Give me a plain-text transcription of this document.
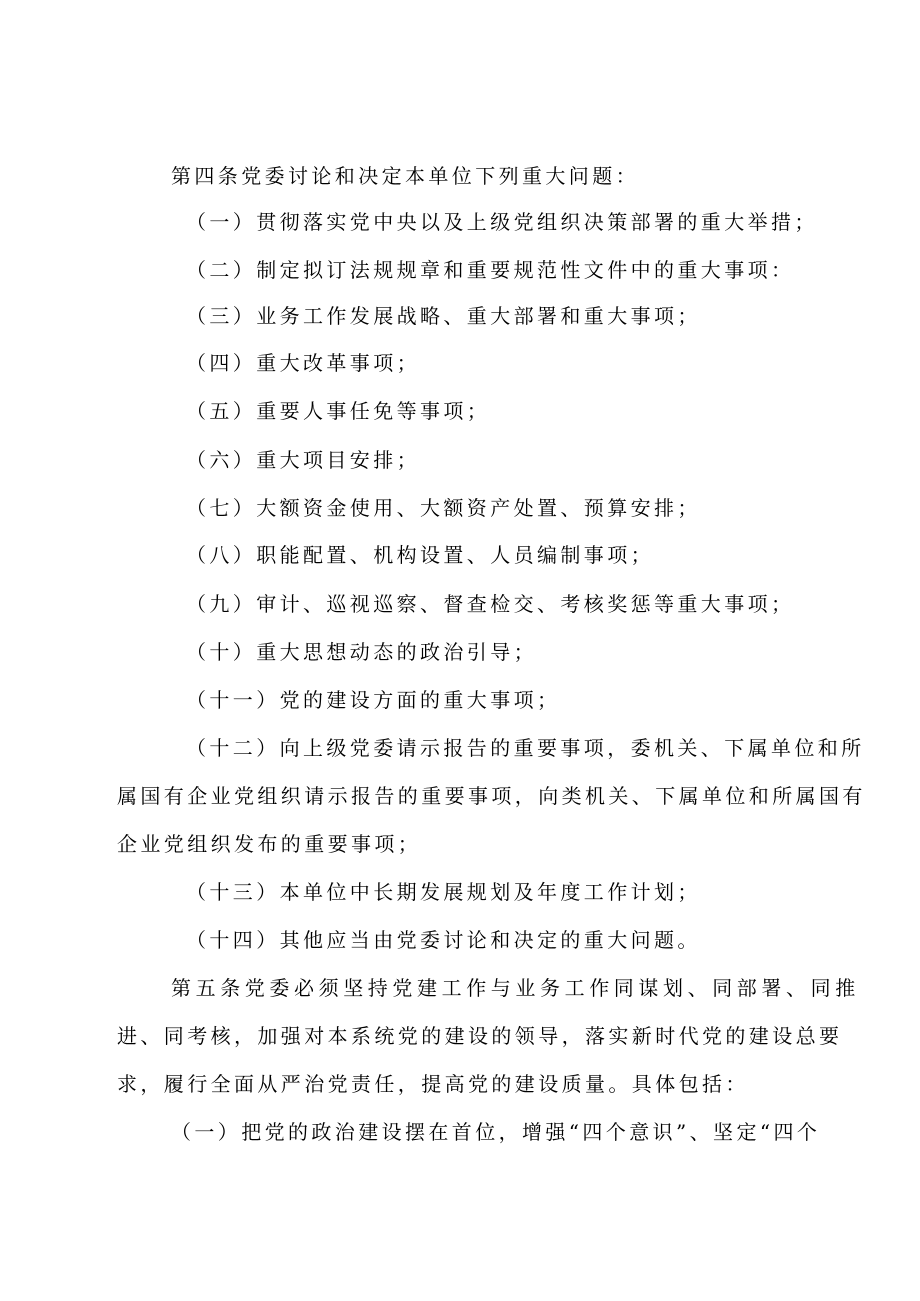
第四条党委讨论和决定本单位下列重大问题：
（一）贯彻落实党中央以及上级党组织决策部署的重大举措；
（二）制定拟订法规规章和重要规范性文件中的重大事项：
（三）业务工作发展战略、重大部署和重大事项；
（四）重大改革事项；
（五）重要人事任免等事项；
（六）重大项目安排；
（七）大额资金使用、大额资产处置、预算安排；
（八）职能配置、机构设置、人员编制事项；
（九）审计、巡视巡察、督查检交、考核奖惩等重大事项；
（十）重大思想动态的政治引导；
（十一）党的建设方面的重大事项；
（十二）向上级党委请示报告的重要事项，委机关、下属单位和所
属国有企业党组织请示报告的重要事项，向类机关、下属单位和所属国有
企业党组织发布的重要事项；
（十三）本单位中长期发展规划及年度工作计划；
（十四）其他应当由党委讨论和决定的重大问题。
第五条党委必须坚持党建工作与业务工作同谋划、同部署、同推
进、同考核，加强对本系统党的建设的领导，落实新时代党的建设总要
求，履行全面从严治党责任，提高党的建设质量。具体包括：
（一）把党的政治建设摆在首位，增强“四个意识”、坚定“四个
